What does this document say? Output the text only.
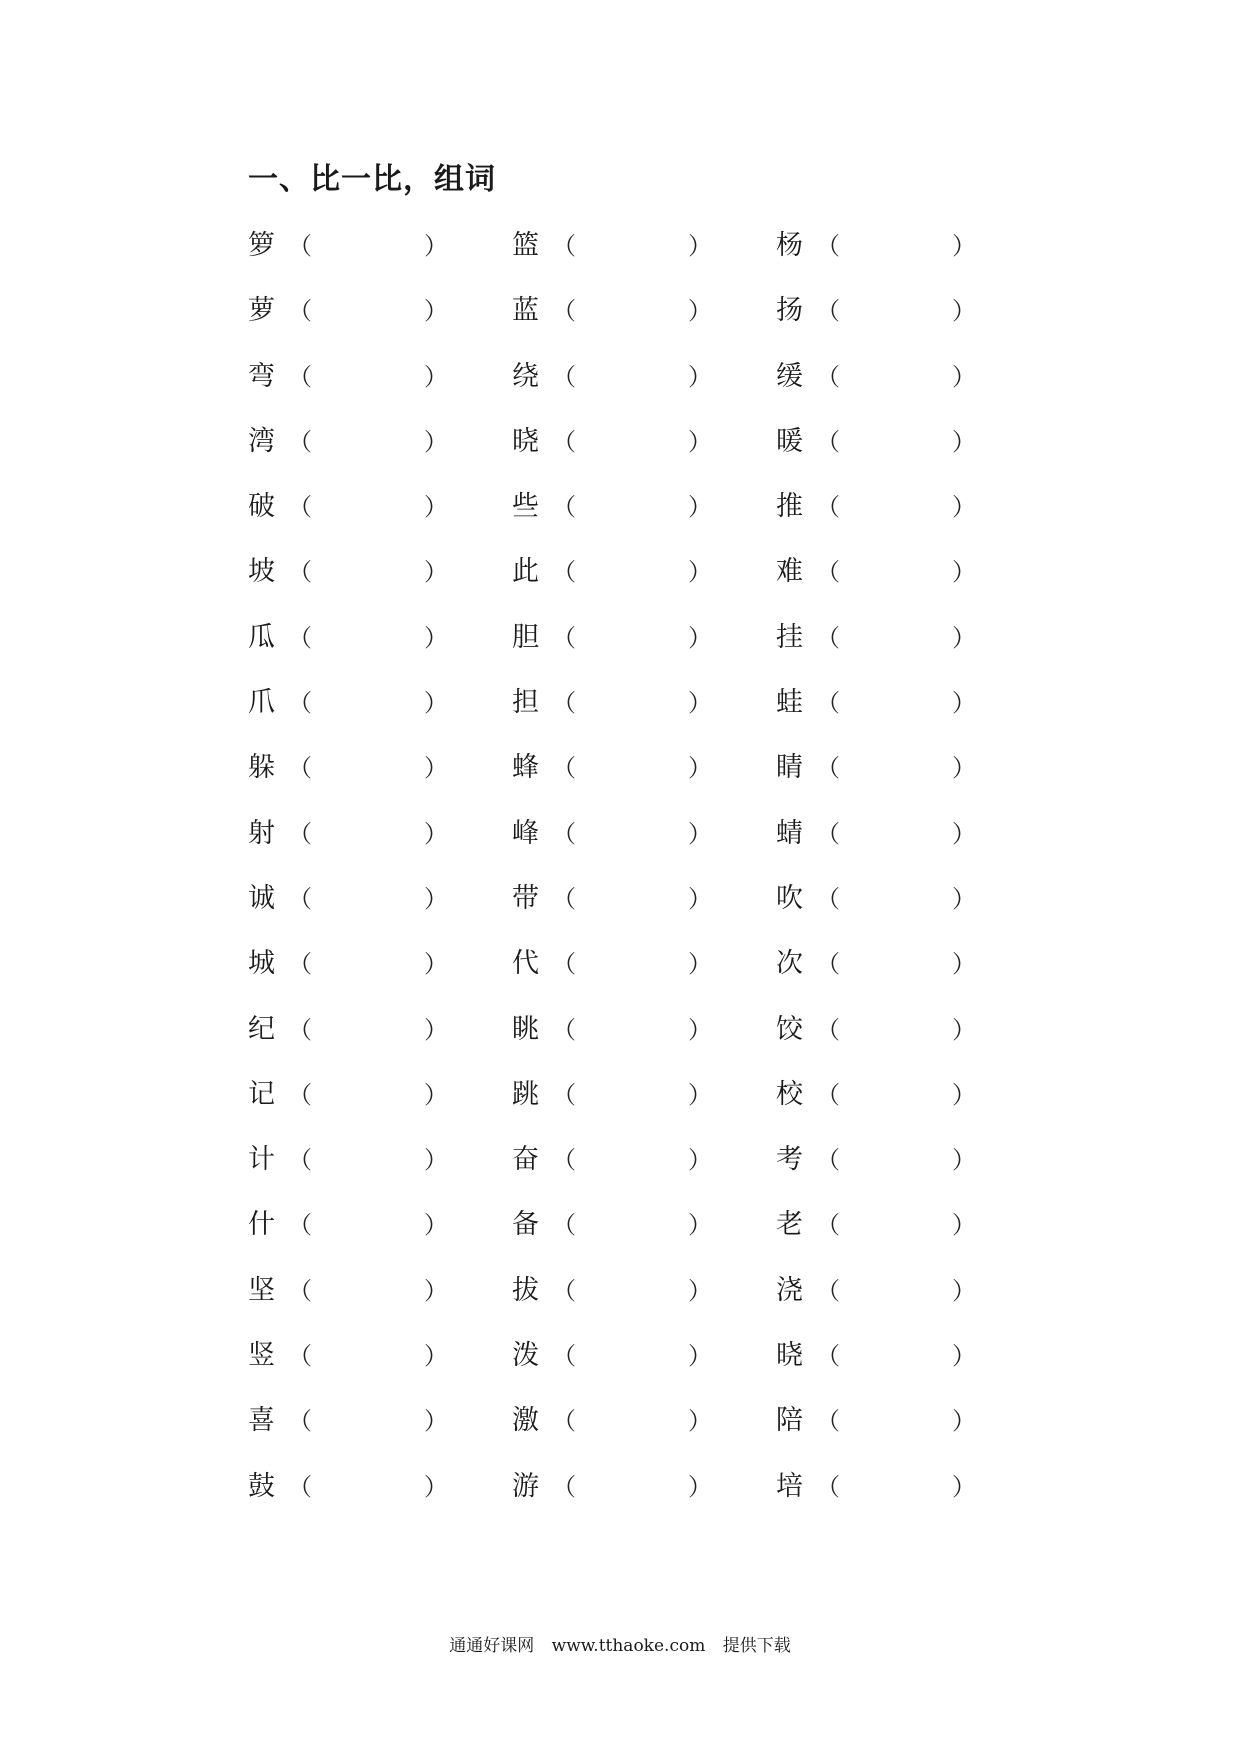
一、比一比，组词
箩 （	） 篮 （	） 杨 （	）
萝 （	） 蓝 （	） 扬 （	）
弯 （	） 绕 （	） 缓 （	）
湾 （	） 晓 （	） 暖 （	）
破 （	） 些 （	） 推 （	）
坡 （	） 此 （	） 难 （	）
瓜 （	） 胆 （	） 挂 （	）
爪 （	） 担 （	） 蛙 （	）
躲 （	） 蜂 （	） 睛 （	）
射 （	） 峰 （	） 蜻 （	）
诚 （	） 带 （	） 吹 （	）
城 （	） 代 （	） 次 （	）
纪 （	） 眺 （	） 饺 （	）
记 （	） 跳 （	） 校 （	）
计 （	） 奋 （	） 考 （	）
什 （	） 备 （	） 老 （	）
坚 （	） 拔 （	） 浇 （	）
竖 （	） 泼 （	） 晓 （	）
喜 （	） 激 （	） 陪 （	）
鼓 （	） 游 （	） 培 （	）
通通好课网 www.tthaoke.com 提供下载
